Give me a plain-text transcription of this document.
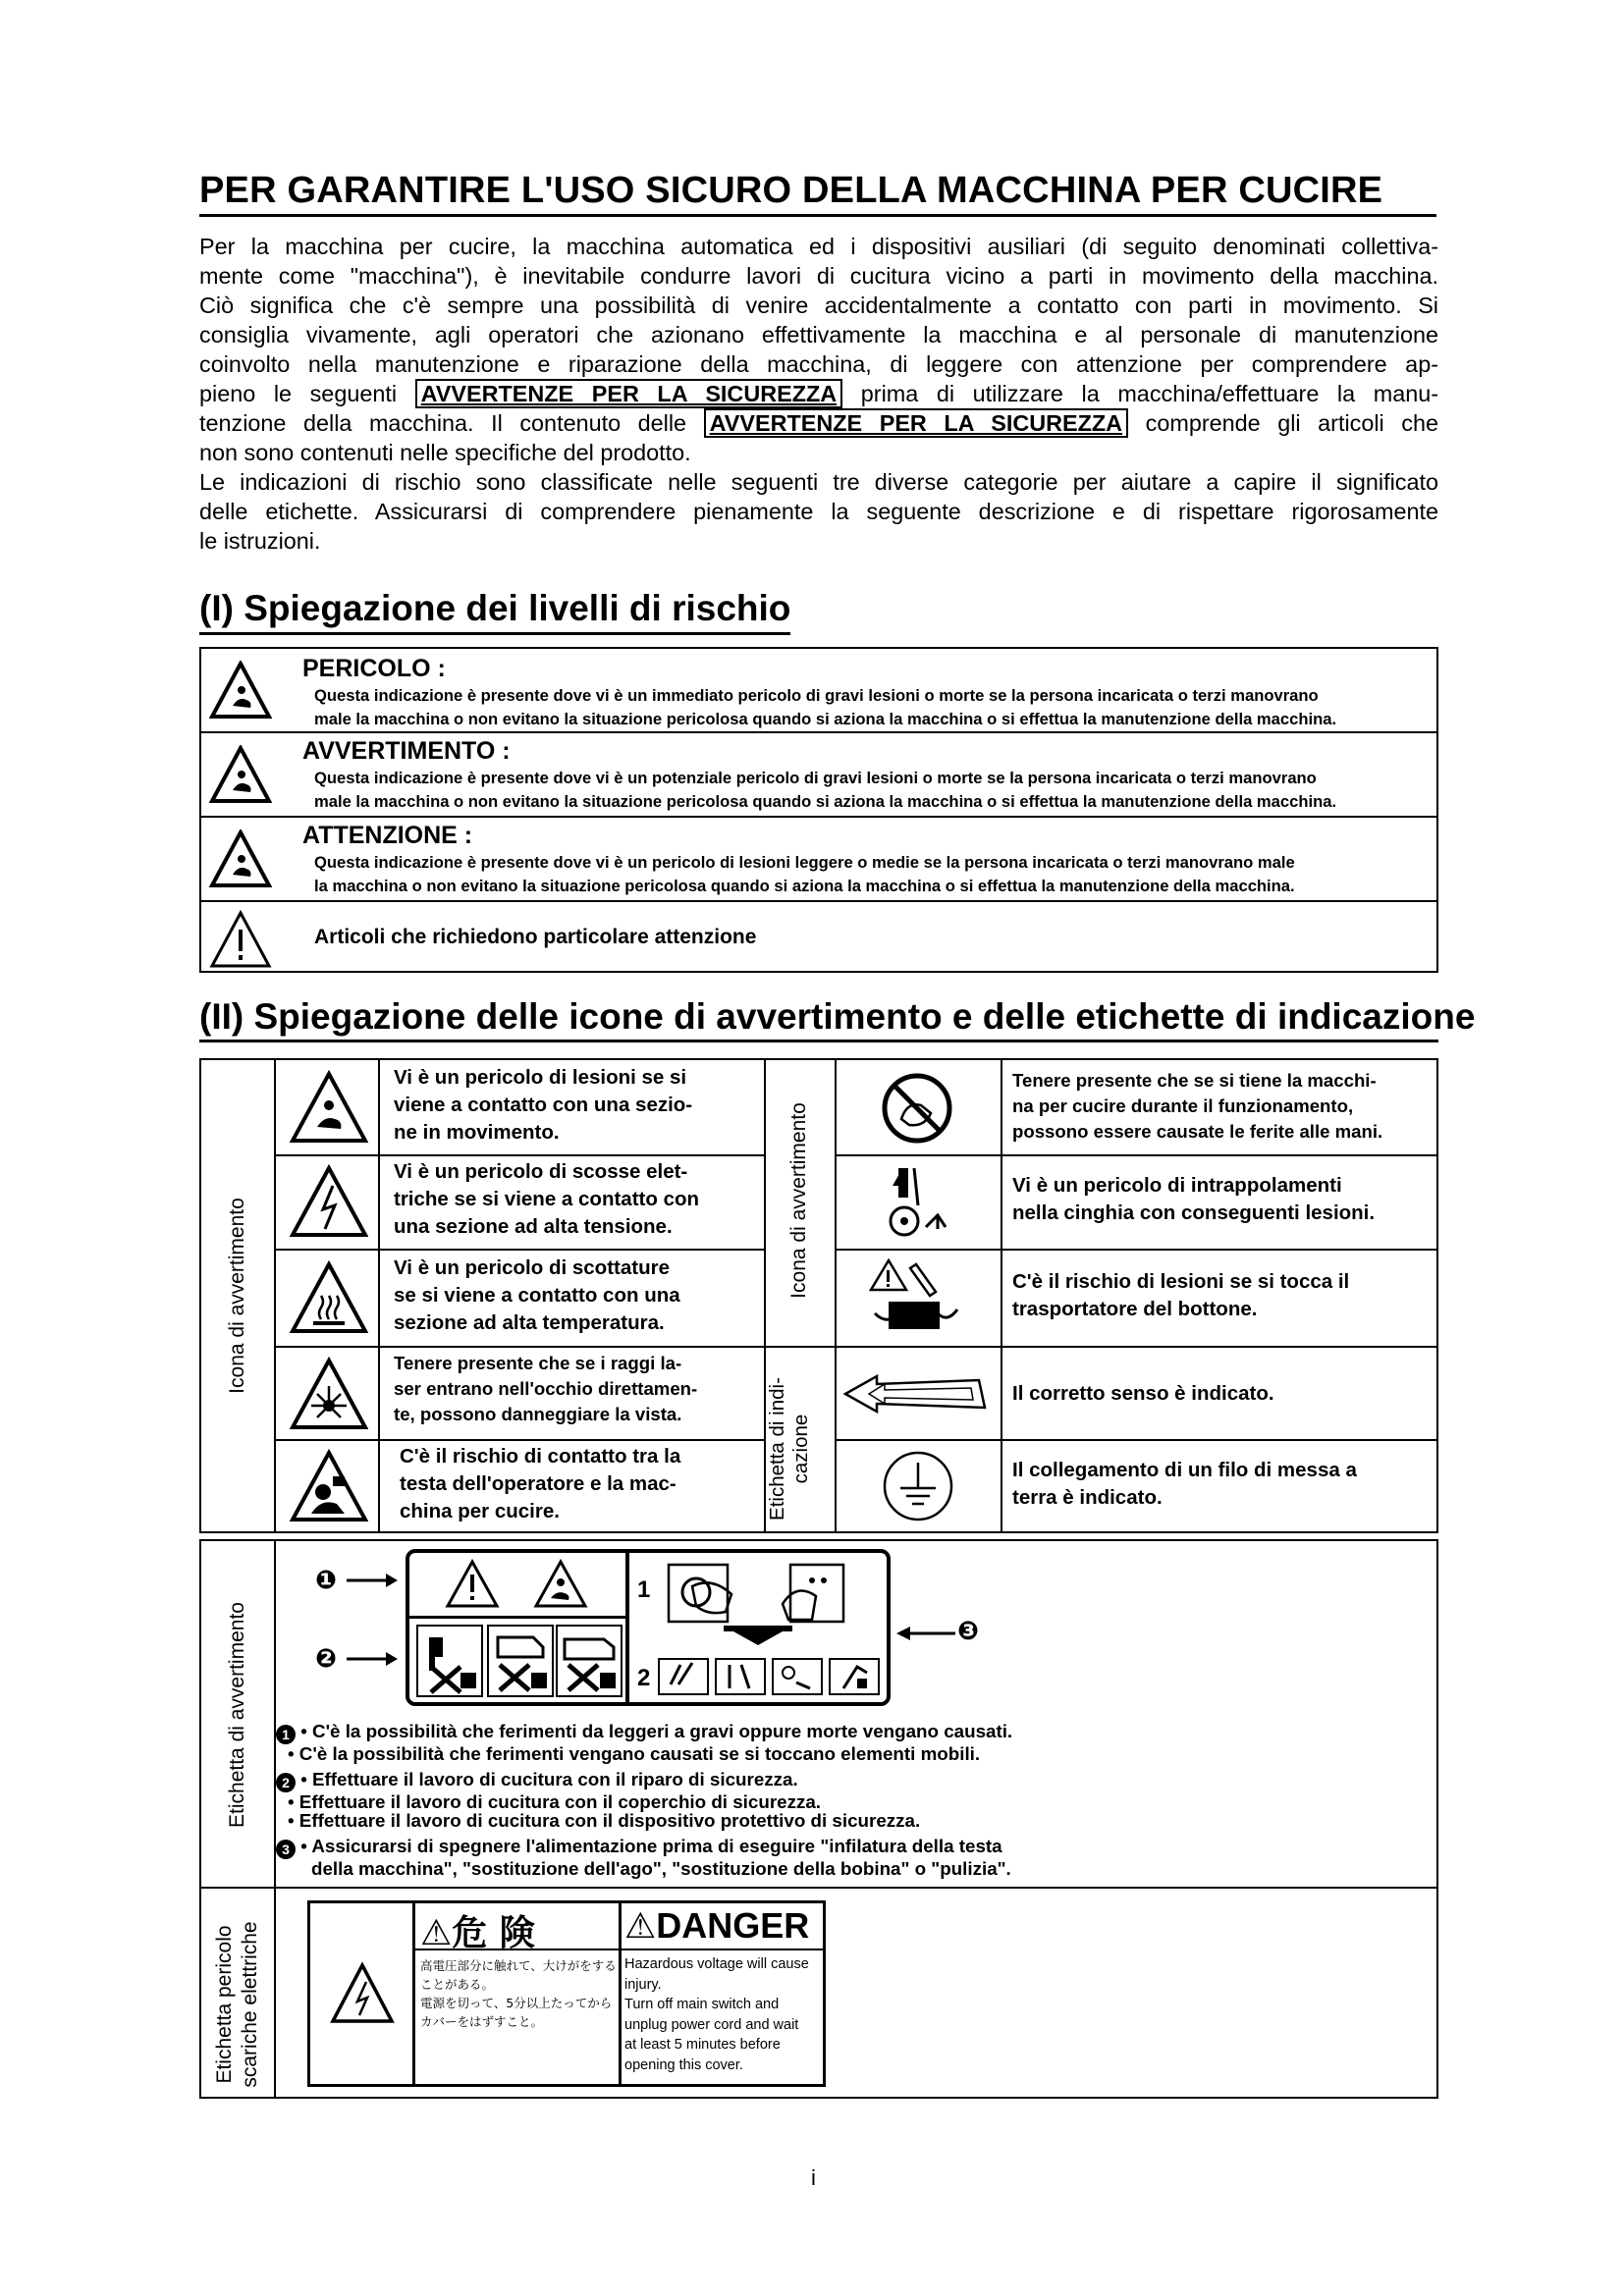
PER GARANTIRE L'USO SICURO DELLA MACCHINA PER CUCIRE
Per la macchina per cucire, la macchina automatica ed i dispositivi ausiliari (di seguito denominati collettiva-
mente come "macchina"), è inevitabile condurre lavori di cucitura vicino a parti in movimento della macchina.
Ciò significa che c'è sempre una possibilità di venire accidentalmente a contatto con parti in movimento. Si
consiglia vivamente, agli operatori che azionano effettivamente la macchina e al personale di manutenzione
coinvolto nella manutenzione e riparazione della macchina, di leggere con attenzione per comprendere ap-
pieno le seguenti AVVERTENZE PER LA SICUREZZA prima di utilizzare la macchina/effettuare la manu-
tenzione della macchina. Il contenuto delle AVVERTENZE PER LA SICUREZZA comprende gli articoli che
non sono contenuti nelle specifiche del prodotto.
Le indicazioni di rischio sono classificate nelle seguenti tre diverse categorie per aiutare a capire il significato
delle etichette. Assicurarsi di comprendere pienamente la seguente descrizione e di rispettare rigorosamente
le istruzioni.
(I) Spiegazione dei livelli di rischio
PERICOLO :
Questa indicazione è presente dove vi è un immediato pericolo di gravi lesioni o morte se la persona incaricata o terzi manovrano
male la macchina o non evitano la situazione pericolosa quando si aziona la macchina o si effettua la manutenzione della macchina.
AVVERTIMENTO :
Questa indicazione è presente dove vi è un potenziale pericolo di gravi lesioni o morte se la persona incaricata o terzi manovrano
male la macchina o non evitano la situazione pericolosa quando si aziona la macchina o si effettua la manutenzione della macchina.
ATTENZIONE :
Questa indicazione è presente dove vi è un pericolo di lesioni leggere o medie se la persona incaricata o terzi manovrano male
la macchina o non evitano la situazione pericolosa quando si aziona la macchina o si effettua la manutenzione della macchina.
Articoli che richiedono particolare attenzione
(II) Spiegazione delle icone di avvertimento e delle etichette di indicazione
Icona di avvertimento	Icona di avvertimento
Etichetta di indi-
cazione
Vi è un pericolo di lesioni se si
viene a contatto con una sezio-
ne in movimento.
Vi è un pericolo di scosse elet-
triche se si viene a contatto con
una sezione ad alta tensione.
Vi è un pericolo di scottature
se si viene a contatto con una
sezione ad alta temperatura.
Tenere presente che se i raggi la-
ser entrano nell'occhio direttamen-
te, possono danneggiare la vista.
C'è il rischio di contatto tra la
testa dell'operatore e la mac-
china per cucire.
Tenere presente che se si tiene la macchi-
na per cucire durante il funzionamento,
possono essere causate le ferite alle mani.
Vi è un pericolo di intrappolamenti
nella cinghia con conseguenti lesioni.
C'è il rischio di lesioni se si tocca il
trasportatore del bottone.
Il corretto senso è indicato.
Il collegamento di un filo di messa a
terra è indicato.
Etichetta di avvertimento
Etichetta pericolo scariche elettriche
❶
❷
1
2
❸
1 • C'è la possibilità che ferimenti da leggeri a gravi oppure morte vengano causati.
• C'è la possibilità che ferimenti vengano causati se si toccano elementi mobili.
2 • Effettuare il lavoro di cucitura con il riparo di sicurezza.
• Effettuare il lavoro di cucitura con il coperchio di sicurezza.
• Effettuare il lavoro di cucitura con il dispositivo protettivo di sicurezza.
3 • Assicurarsi di spegnere l'alimentazione prima di eseguire "infilatura della testa
della macchina", "sostituzione dell'ago", "sostituzione della bobina" o "pulizia".
⚠危 険	⚠DANGER
高電圧部分に触れて、大けがをする
ことがある。
電源を切って、5分以上たってから
カバーをはずすこと。
Hazardous voltage will cause
injury.
Turn off main switch and
unplug power cord and wait
at least 5 minutes before
opening this cover.
i
